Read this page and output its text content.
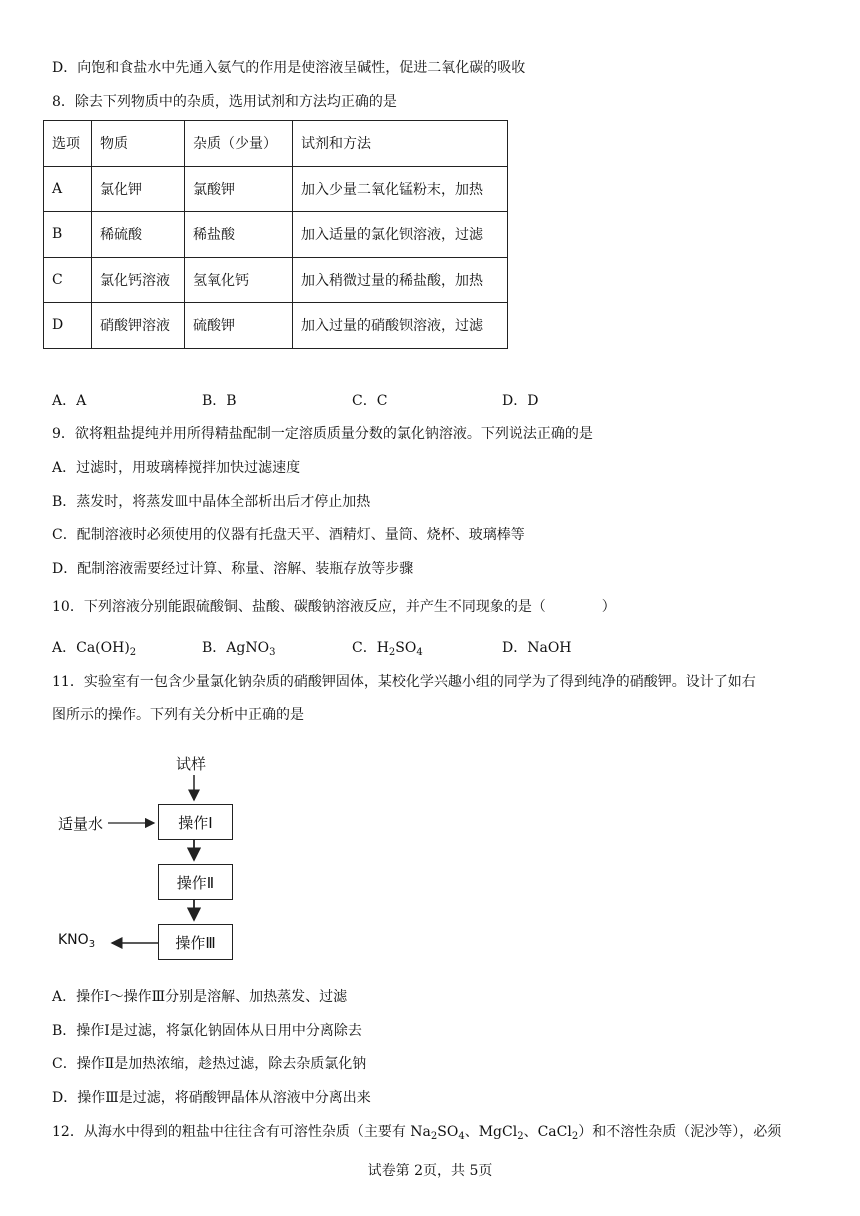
D．向饱和食盐水中先通入氨气的作用是使溶液呈碱性，促进二氧化碳的吸收
8．除去下列物质中的杂质，选用试剂和方法均正确的是
选项	物质	杂质（少量）	试剂和方法
A	氯化钾	氯酸钾	加入少量二氧化锰粉末，加热
B	稀硫酸	稀盐酸	加入适量的氯化钡溶液，过滤
C	氯化钙溶液	氢氧化钙	加入稍微过量的稀盐酸，加热
D	硝酸钾溶液	硫酸钾	加入过量的硝酸钡溶液，过滤
A．A	B．B	C．C	D．D
9．欲将粗盐提纯并用所得精盐配制一定溶质质量分数的氯化钠溶液。下列说法正确的是
A．过滤时，用玻璃棒搅拌加快过滤速度
B．蒸发时，将蒸发皿中晶体全部析出后才停止加热
C．配制溶液时必须使用的仪器有托盘天平、酒精灯、量筒、烧杯、玻璃棒等
D．配制溶液需要经过计算、称量、溶解、装瓶存放等步骤
10．下列溶液分别能跟硫酸铜、盐酸、碳酸钠溶液反应，并产生不同现象的是（　　　　）
A．$Ca(OH)_2$	B．AgNO$_3$	C．$H_2SO_4$	D．NaOH
11．实验室有一包含少量氯化钠杂质的硝酸钾固体，某校化学兴趣小组的同学为了得到纯净的硝酸钾。设计了如右
图所示的操作。下列有关分析中正确的是
试样
适量水	操作Ⅰ
操作Ⅱ
操作Ⅲ
$KNO_3$
A．操作Ⅰ～操作Ⅲ分别是溶解、加热蒸发、过滤
B．操作Ⅰ是过滤，将氯化钠固体从日用中分离除去
C．操作Ⅱ是加热浓缩，趁热过滤，除去杂质氯化钠
D．操作Ⅲ是过滤，将硝酸钾晶体从溶液中分离出来
12．从海水中得到的粗盐中往往含有可溶性杂质（主要有 $Na_2SO_4$、MgCl$_2$、CaCl$_2$）和不溶性杂质（泥沙等），必须
试卷第 2页，共 5页
